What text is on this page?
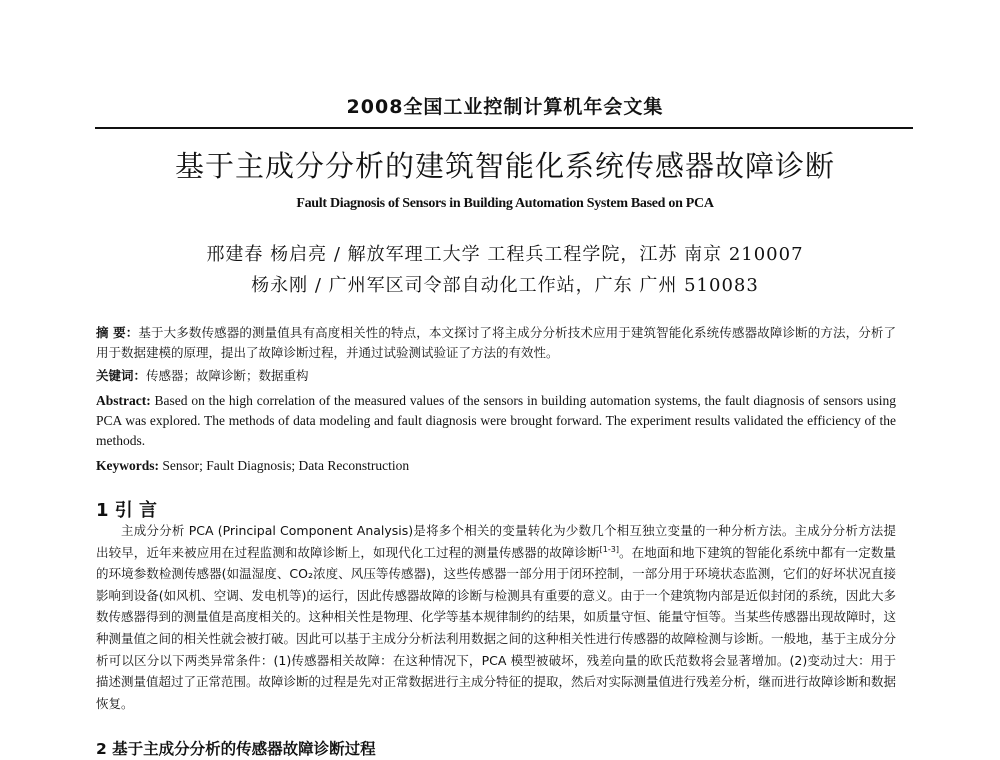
2008全国工业控制计算机年会文集
基于主成分分析的建筑智能化系统传感器故障诊断
Fault Diagnosis of Sensors in Building Automation System Based on PCA
邢建春 杨启亮 / 解放军理工大学 工程兵工程学院，江苏 南京 210007
杨永刚 / 广州军区司令部自动化工作站，广东 广州 510083
摘 要：基于大多数传感器的测量值具有高度相关性的特点，本文探讨了将主成分分析技术应用于建筑智能化系统传感器故障诊断的方法，分析了用于数据建模的原理，提出了故障诊断过程，并通过试验测试验证了方法的有效性。
关键词：传感器；故障诊断；数据重构
Abstract: Based on the high correlation of the measured values of the sensors in building automation systems, the fault diagnosis of sensors using PCA was explored. The methods of data modeling and fault diagnosis were brought forward. The experiment results validated the efficiency of the methods.
Keywords: Sensor; Fault Diagnosis; Data Reconstruction
1 引 言
主成分分析 PCA (Principal Component Analysis)是将多个相关的变量转化为少数几个相互独立变量的一种分析方法。主成分分析方法提出较早，近年来被应用在过程监测和故障诊断上，如现代化工过程的测量传感器的故障诊断[1-3]。在地面和地下建筑的智能化系统中都有一定数量的环境参数检测传感器(如温湿度、CO₂浓度、风压等传感器)，这些传感器一部分用于闭环控制，一部分用于环境状态监测，它们的好坏状况直接影响到设备(如风机、空调、发电机等)的运行，因此传感器故障的诊断与检测具有重要的意义。由于一个建筑物内部是近似封闭的系统，因此大多数传感器得到的测量值是高度相关的。这种相关性是物理、化学等基本规律制约的结果，如质量守恒、能量守恒等。当某些传感器出现故障时，这种测量值之间的相关性就会被打破。因此可以基于主成分分析法利用数据之间的这种相关性进行传感器的故障检测与诊断。一般地，基于主成分分析可以区分以下两类异常条件：(1)传感器相关故障：在这种情况下，PCA 模型被破坏，残差向量的欧氏范数将会显著增加。(2)变动过大：用于描述测量值超过了正常范围。故障诊断的过程是先对正常数据进行主成分特征的提取，然后对实际测量值进行残差分析，继而进行故障诊断和数据恢复。
2 基于主成分分析的传感器故障诊断过程
